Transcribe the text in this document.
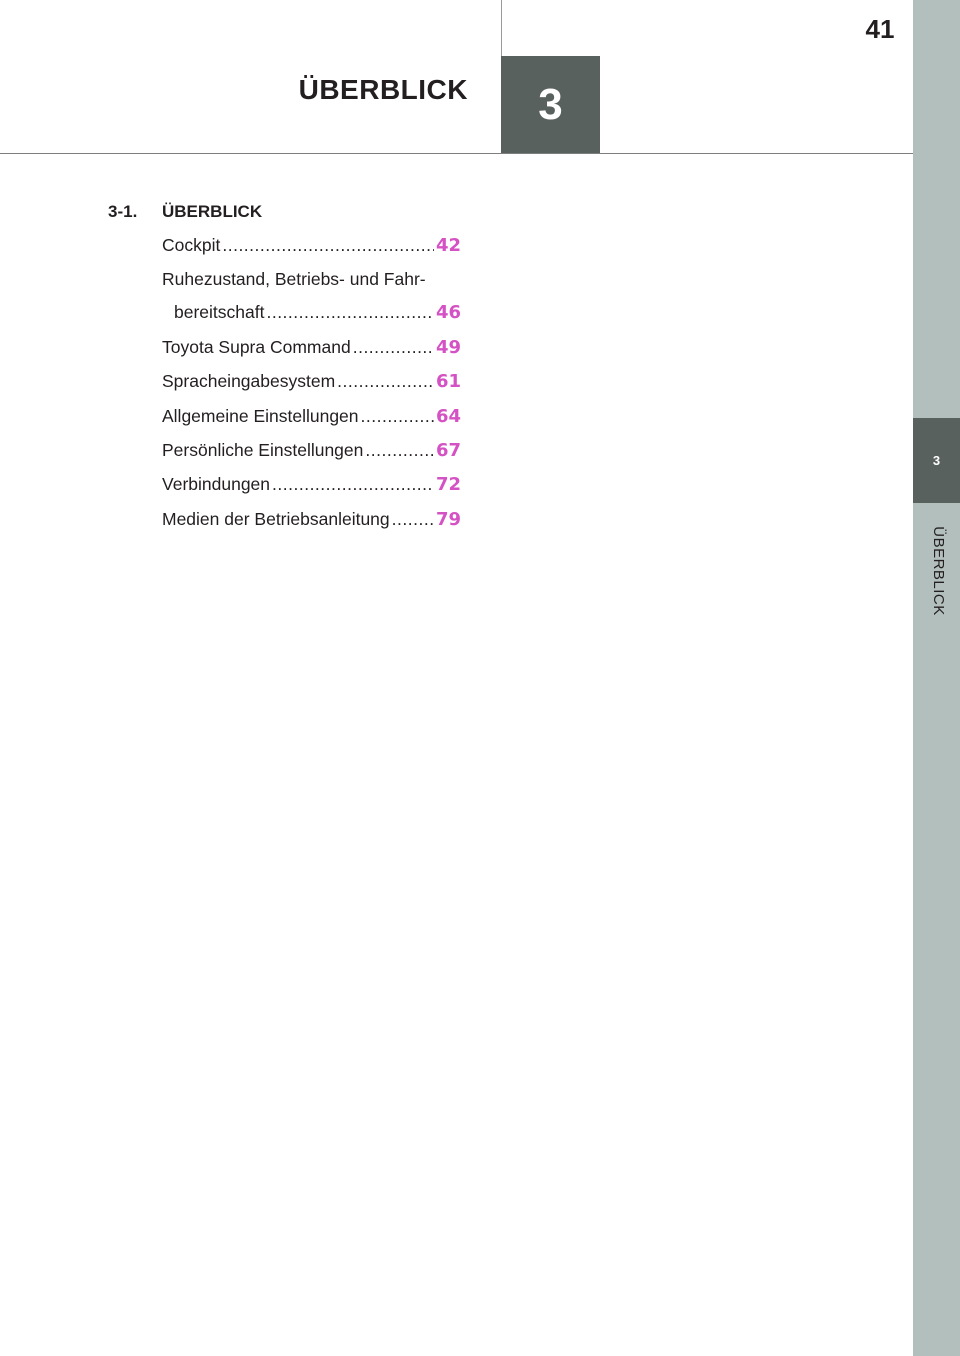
41
ÜBERBLICK 3
3
ÜBERBLICK
3-1.	ÜBERBLICK
Cockpit .....	42
Ruhezustand, Betriebs- und Fahr-
bereitschaft .....	46
Toyota Supra Command .....	49
Spracheingabesystem .....	61
Allgemeine Einstellungen .....	64
Persönliche Einstellungen .....	67
Verbindungen .....	72
Medien der Betriebsanleitung .....	79
